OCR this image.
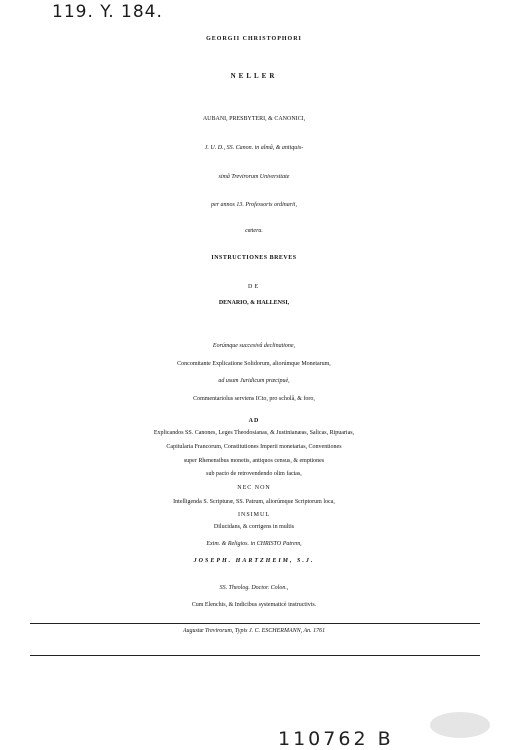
119. Y. 184.
GEORGII CHRISTOPHORI
NELLER
AUBANI, PRESBYTERI, & CANONICI,
J. U. D., SS. Canon. in almâ, & antiquis-
simâ Trevirorum Universitate
per annos 13. Professoris ordinarii,
cœtera.
INSTRUCTIONES BREVES
DE
DENARIO, & HALLENSI,
Eorúmque succesivâ declinatione,
Concomitante Explicatione Solidorum, aliorúmque Monetarum,
ad usum Juridicum præcipuè,
Commentariolus serviens ICto, pro scholâ, & foro,
AD
Explicandos SS. Canones, Leges Theodosianas, & Justinianæas, Salicas, Ripuarias,
Capitularia Francorum, Constitutiones Imperii monetarias, Conventiones
super Rhenensibus monetis, antiquos census, & emptiones
sub pacto de retrovendendo olim factas,
NEC NON
Intelligenda S. Scripturæ, SS. Patrum, aliorúmque Scriptorum loca,
INSIMUL
Dilucidans, & corrigens in multis
Exim. & Religios. in CHRISTO Patrem,
JOSEPH. HARTZHEIM, S.J.
SS. Theolog. Doctor. Colon.,
Cum Elenchis, & Indicibus systematicè instructivis.
Augustæ Trevirorum, Typis J. C. ESCHERMANN, An. 1761
110762 B
